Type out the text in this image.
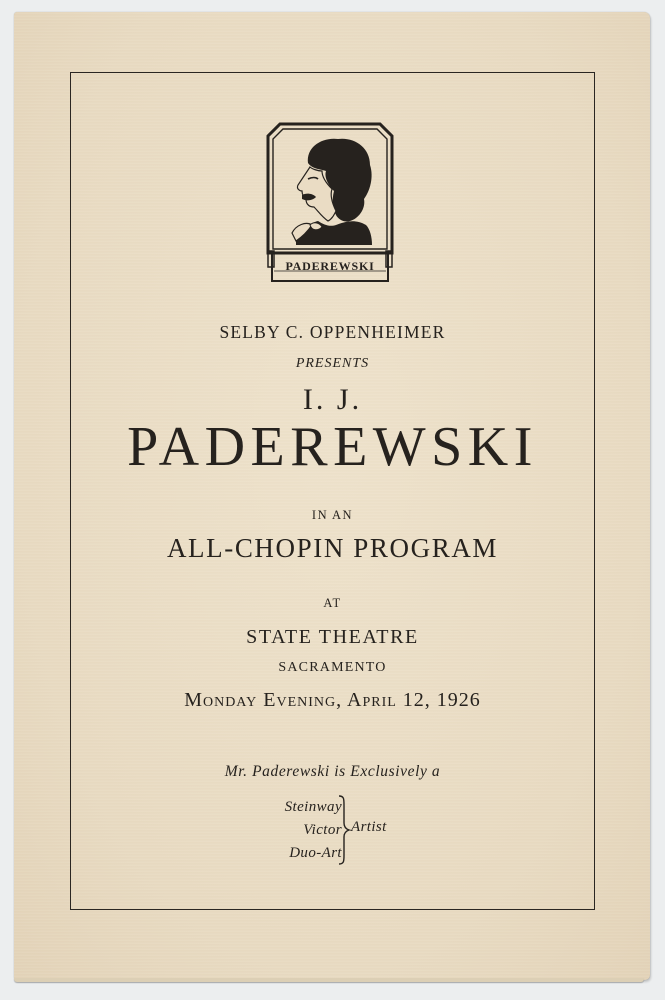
PADEREWSKI
SELBY C. OPPENHEIMER
PRESENTS
I. J.
PADEREWSKI
IN AN
ALL-CHOPIN PROGRAM
AT
STATE THEATRE
SACRAMENTO
Monday Evening, April 12, 1926
Mr. Paderewski is Exclusively a
Steinway
Victor
Duo-Art
Artist
